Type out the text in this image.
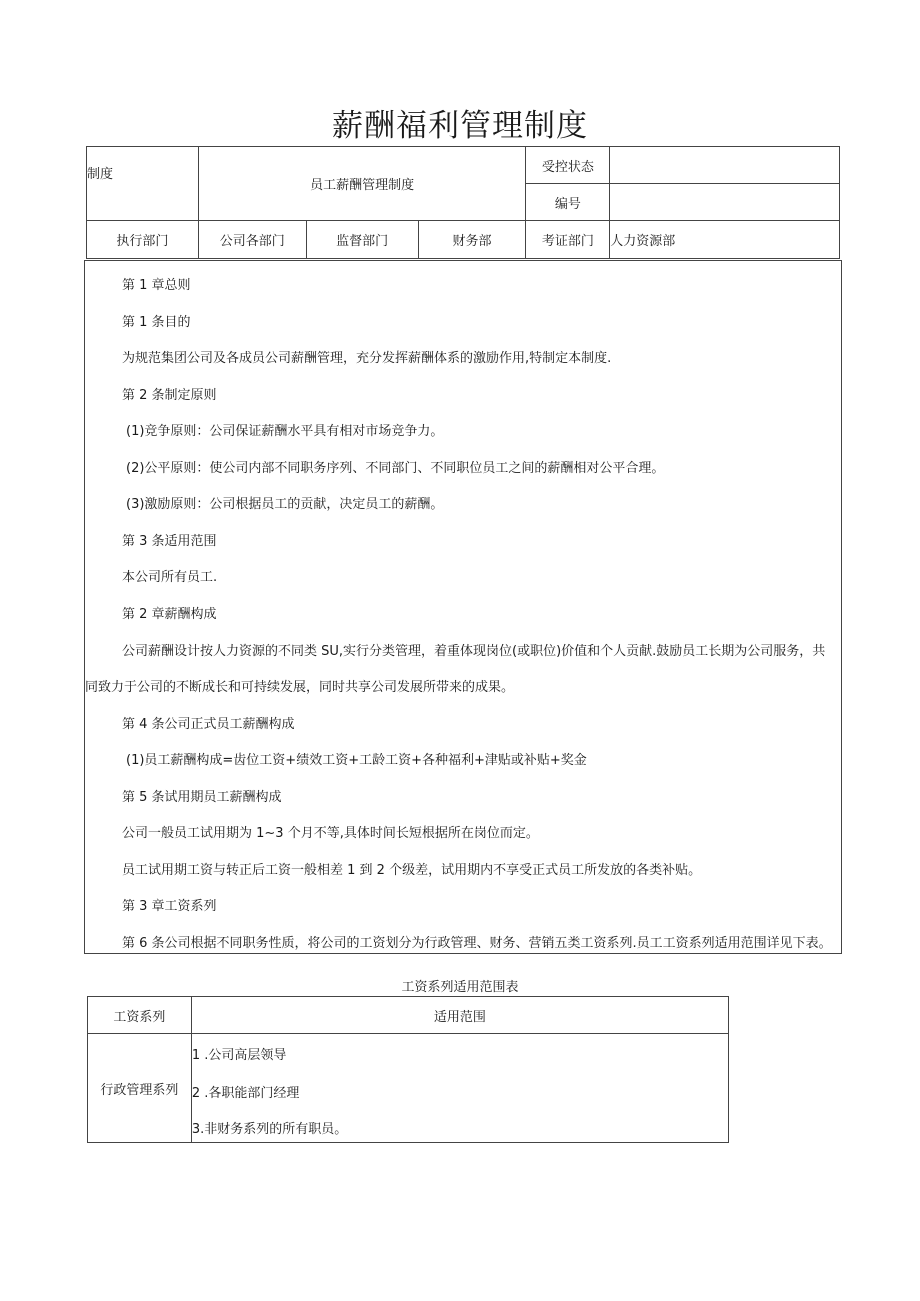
薪酬福利管理制度
制度	员工薪酬管理制度			受控状态	
				编号	
执行部门	公司各部门	监督部门	财务部	考证部门	人力资源部

第 1 章总则

第 1 条目的

为规范集团公司及各成员公司薪酬管理，充分发挥薪酬体系的激励作用,特制定本制度.

第 2 条制定原则

(1)竞争原则：公司保证薪酬水平具有相对市场竞争力。

(2)公平原则：使公司内部不同职务序列、不同部门、不同职位员工之间的薪酬相对公平合理。

(3)激励原则：公司根据员工的贡献，决定员工的薪酬。

第 3 条适用范围

本公司所有员工.

第 2 章薪酬构成

公司薪酬设计按人力资源的不同类 SU,实行分类管理，着重体现岗位(或职位)价值和个人贡献.鼓励员工长期为公司服务，共

同致力于公司的不断成长和可持续发展，同时共享公司发展所带来的成果。

第 4 条公司正式员工薪酬构成

(1)员工薪酬构成=齿位工资+绩效工资+工龄工资+各种福利+津贴或补贴+奖金

第 5 条试用期员工薪酬构成

公司一般员工试用期为 1~3 个月不等,具体时间长短根据所在岗位而定。

员工试用期工资与转正后工资一般相差 1 到 2 个级差，试用期内不享受正式员工所发放的各类补贴。

第 3 章工资系列

第 6 条公司根据不同职务性质，将公司的工资划分为行政管理、财务、营销五类工资系列.员工工资系列适用范围详见下表。

工资系列适用范围表
工资系列	适用范围
行政管理系列	1 .公司高层领导
2 .各职能部门经理
3.非财务系列的所有职员。
